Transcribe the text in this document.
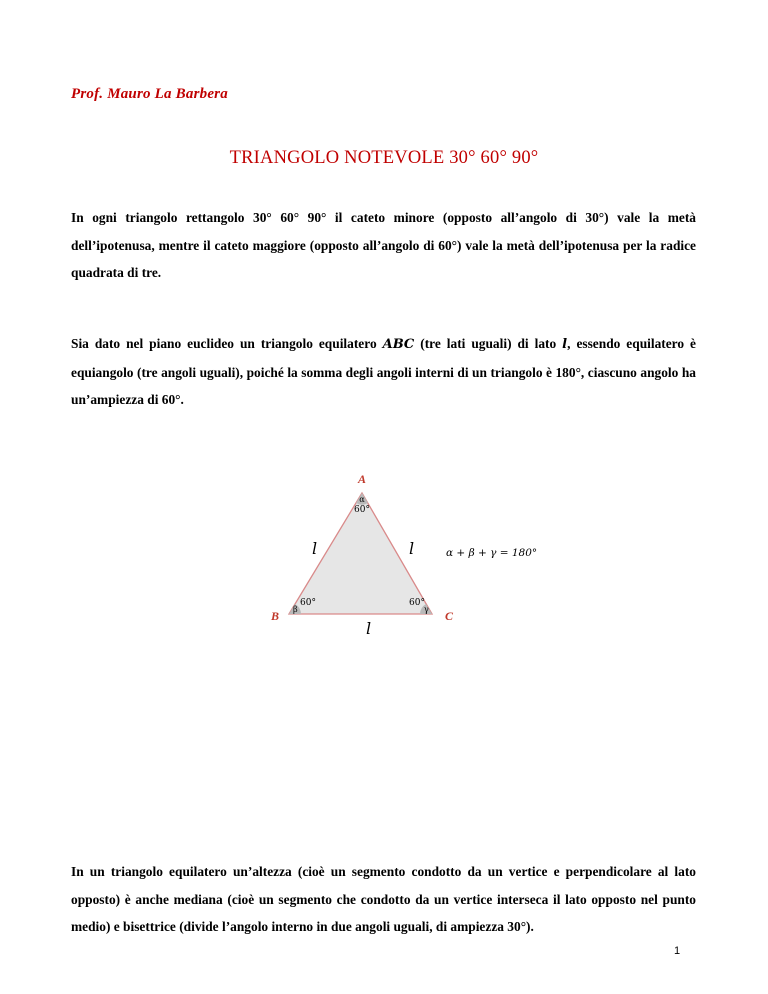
Prof. Mauro La Barbera
TRIANGOLO NOTEVOLE 30° 60° 90°
In ogni triangolo rettangolo 30° 60° 90° il cateto minore (opposto all’angolo di 30°) vale la metà dell’ipotenusa, mentre il cateto maggiore (opposto all’angolo di 60°) vale la metà dell’ipotenusa per la radice quadrata di tre.
Sia dato nel piano euclideo un triangolo equilatero ABC (tre lati uguali) di lato l, essendo equilatero è equiangolo (tre angoli uguali), poiché la somma degli angoli interni di un triangolo è 180°, ciascuno angolo ha un’ampiezza di 60°.
A
B	C
α
60°
β
60°
γ
60°
l	l
l
α + β + γ = 180°
In un triangolo equilatero un’altezza (cioè un segmento condotto da un vertice e perpendicolare al lato opposto) è anche mediana (cioè un segmento che condotto da un vertice interseca il lato opposto nel punto medio) e bisettrice (divide l’angolo interno in due angoli uguali, di ampiezza 30°).
1
